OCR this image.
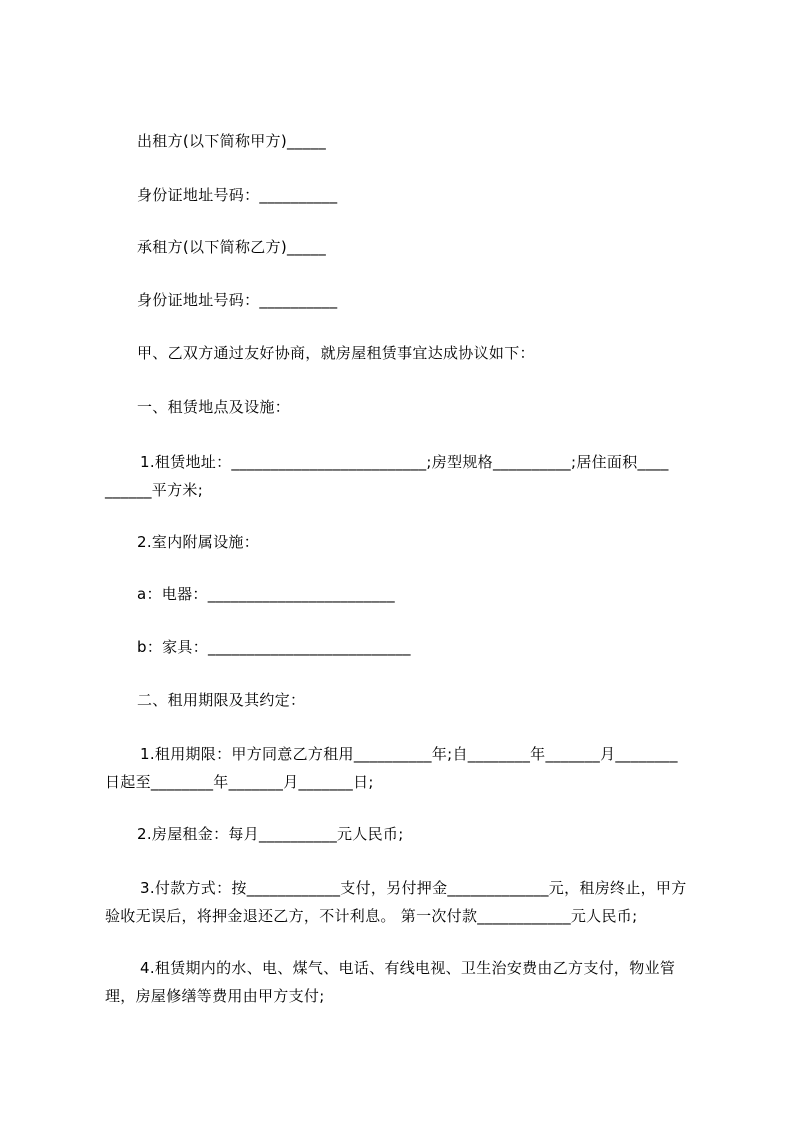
出租方(以下简称甲方)_____
身份证地址号码：__________
承租方(以下简称乙方)_____
身份证地址号码：__________
甲、乙双方通过友好协商，就房屋租赁事宜达成协议如下：
一、租赁地点及设施：
1.租赁地址：_________________________;房型规格__________;居住面积____
______平方米;
2.室内附属设施：
a：电器：________________________
b：家具：__________________________
二、租用期限及其约定：
1.租用期限：甲方同意乙方租用__________年;自________年_______月________
日起至________年_______月_______日;
2.房屋租金：每月__________元人民币;
3.付款方式：按____________支付，另付押金_____________元，租房终止，甲方
验收无误后，将押金退还乙方，不计利息。 第一次付款____________元人民币;
4.租赁期内的水、电、煤气、电话、有线电视、卫生治安费由乙方支付，物业管
理，房屋修缮等费用由甲方支付;
